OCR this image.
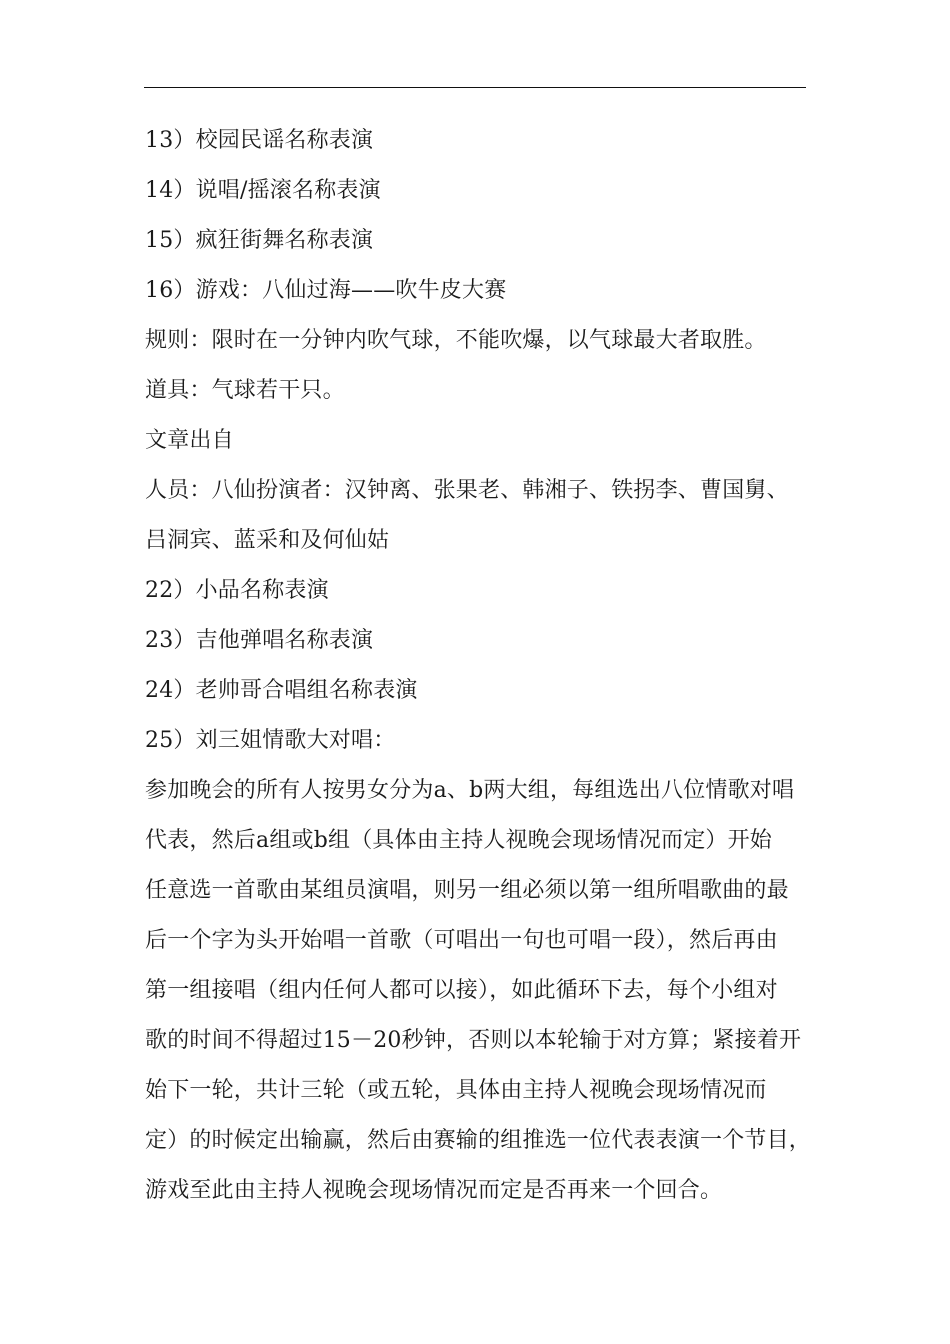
13）校园民谣名称表演
14）说唱/摇滚名称表演
15）疯狂街舞名称表演
16）游戏：八仙过海——吹牛皮大赛
规则：限时在一分钟内吹气球，不能吹爆，以气球最大者取胜。
道具：气球若干只。
文章出自
人员：八仙扮演者：汉钟离、张果老、韩湘子、铁拐李、曹国舅、
吕洞宾、蓝采和及何仙姑
22）小品名称表演
23）吉他弹唱名称表演
24）老帅哥合唱组名称表演
25）刘三姐情歌大对唱：
参加晚会的所有人按男女分为a、b两大组，每组选出八位情歌对唱
代表，然后a组或b组（具体由主持人视晚会现场情况而定）开始
任意选一首歌由某组员演唱，则另一组必须以第一组所唱歌曲的最
后一个字为头开始唱一首歌（可唱出一句也可唱一段），然后再由
第一组接唱（组内任何人都可以接），如此循环下去，每个小组对
歌的时间不得超过15－20秒钟，否则以本轮输于对方算；紧接着开
始下一轮，共计三轮（或五轮，具体由主持人视晚会现场情况而
定）的时候定出输赢，然后由赛输的组推选一位代表表演一个节目，
游戏至此由主持人视晚会现场情况而定是否再来一个回合。
